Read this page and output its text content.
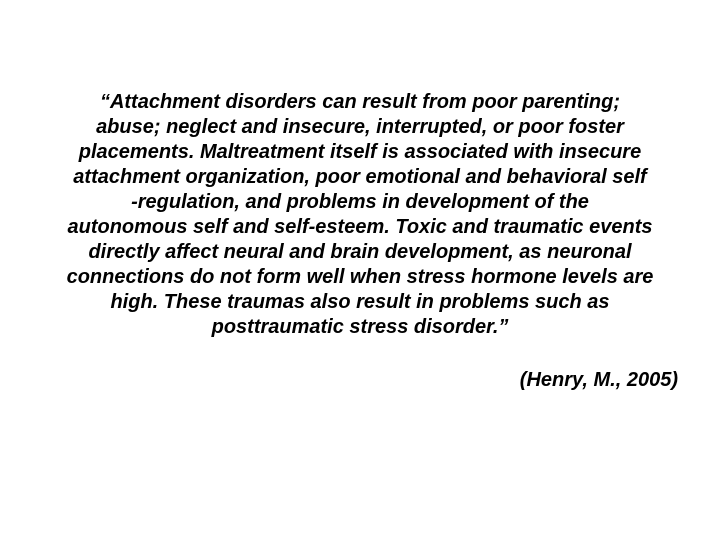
“Attachment disorders can result from poor parenting;
abuse; neglect and insecure, interrupted, or poor foster
placements. Maltreatment itself is associated with insecure
attachment organization, poor emotional and behavioral self
-regulation, and problems in development of the
autonomous self and self-esteem. Toxic and traumatic events
directly affect neural and brain development, as neuronal
connections do not form well when stress hormone levels are
high. These traumas also result in problems such as
posttraumatic stress disorder.”
(Henry, M., 2005)
